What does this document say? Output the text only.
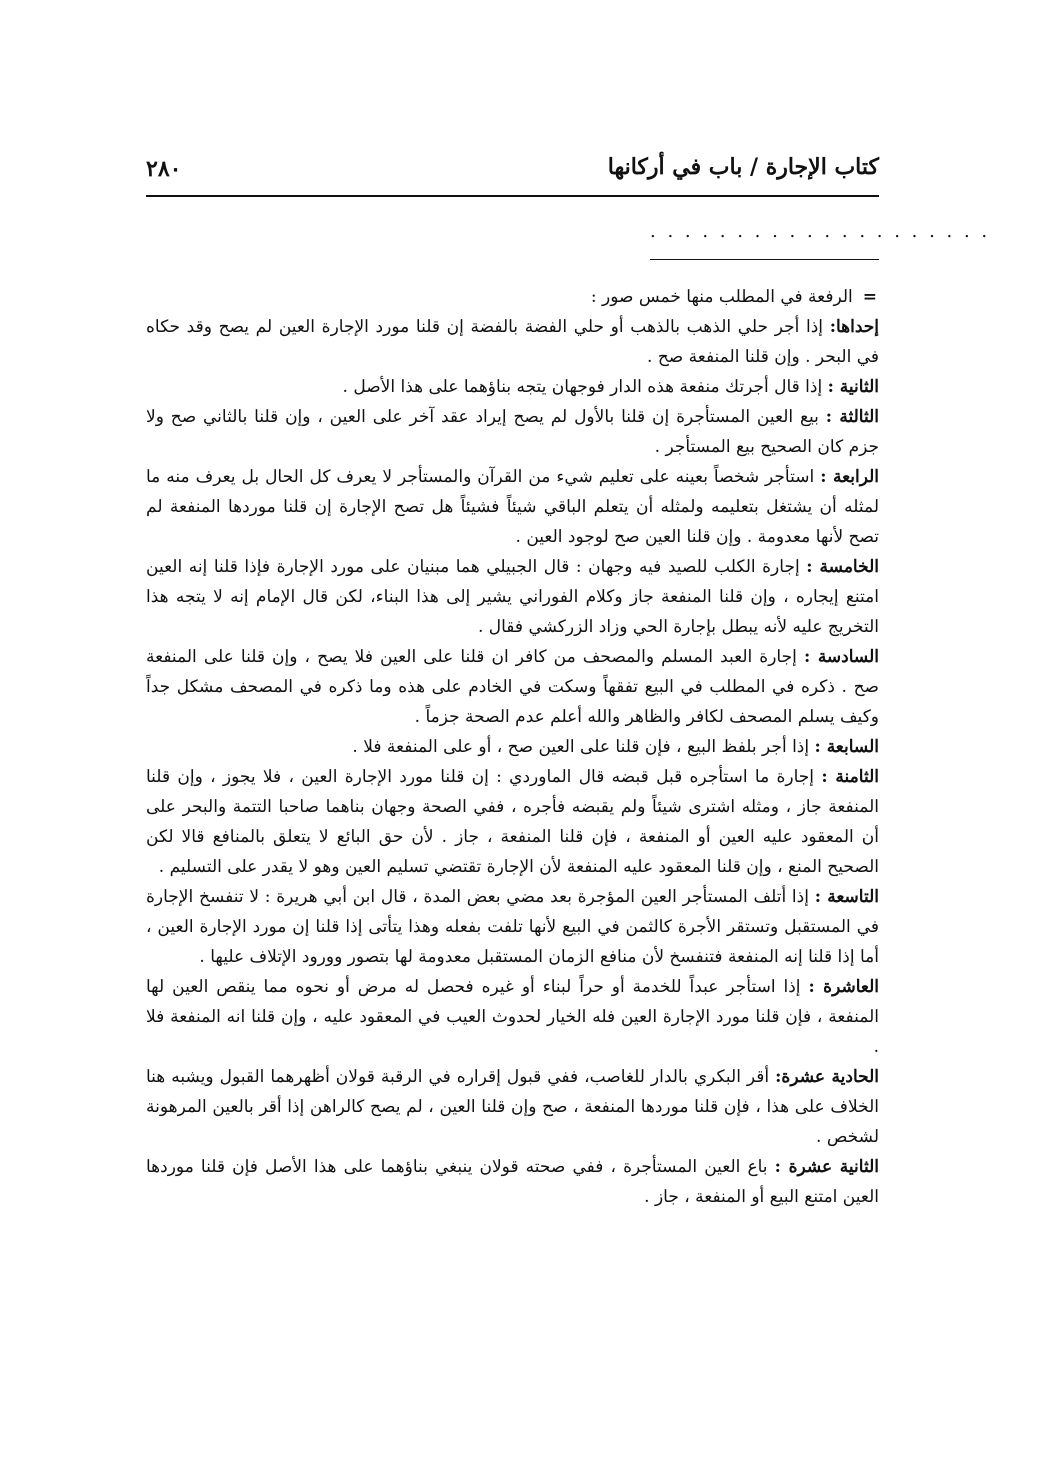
٢٨٠	كتاب الإجارة / باب في أركانها
. . . . . . . . . . . . . . . . . . . .

=الرفعة في المطلب منها خمس صور :

إحداها: إذا أجر حلي الذهب بالذهب أو حلي الفضة بالفضة إن قلنا مورد الإجارة العين لم يصح وقد حكاه في البحر . وإن قلنا المنفعة صح .

الثانية : إذا قال أجرتك منفعة هذه الدار فوجهان يتجه بناؤهما على هذا الأصل .

الثالثة : بيع العين المستأجرة إن قلنا بالأول لم يصح إيراد عقد آخر على العين ، وإن قلنا بالثاني صح ولا جزم كان الصحيح بيع المستأجر .

الرابعة : استأجر شخصاً بعينه على تعليم شيء من القرآن والمستأجر لا يعرف كل الحال بل يعرف منه ما لمثله أن يشتغل بتعليمه ولمثله أن يتعلم الباقي شيئاً فشيئاً هل تصح الإجارة إن قلنا موردها المنفعة لم تصح لأنها معدومة . وإن قلنا العين صح لوجود العين .

الخامسة : إجارة الكلب للصيد فيه وجهان : قال الجبيلي هما مبنيان على مورد الإجارة فإذا قلنا إنه العين امتنع إيجاره ، وإن قلنا المنفعة جاز وكلام الفوراني يشير إلى هذا البناء، لكن قال الإمام إنه لا يتجه هذا التخريج عليه لأنه يبطل بإجارة الحي وزاد الزركشي فقال .

السادسة : إجارة العبد المسلم والمصحف من كافر ان قلنا على العين فلا يصح ، وإن قلنا على المنفعة صح . ذكره في المطلب في البيع تفقهاً وسكت في الخادم على هذه وما ذكره في المصحف مشكل جداً وكيف يسلم المصحف لكافر والظاهر والله أعلم عدم الصحة جزماً .

السابعة : إذا أجر بلفظ البيع ، فإن قلنا على العين صح ، أو على المنفعة فلا .

الثامنة : إجارة ما استأجره قبل قبضه قال الماوردي : إن قلنا مورد الإجارة العين ، فلا يجوز ، وإن قلنا المنفعة جاز ، ومثله اشترى شيئاً ولم يقبضه فأجره ، ففي الصحة وجهان بناهما صاحبا التتمة والبحر على أن المعقود عليه العين أو المنفعة ، فإن قلنا المنفعة ، جاز . لأن حق البائع لا يتعلق بالمنافع قالا لكن الصحيح المنع ، وإن قلنا المعقود عليه المنفعة لأن الإجارة تقتضي تسليم العين وهو لا يقدر على التسليم .

التاسعة : إذا أتلف المستأجر العين المؤجرة بعد مضي بعض المدة ، قال ابن أبي هريرة : لا تنفسخ الإجارة في المستقبل وتستقر الأجرة كالثمن في البيع لأنها تلفت بفعله وهذا يتأتى إذا قلنا إن مورد الإجارة العين ، أما إذا قلنا إنه المنفعة فتنفسخ لأن منافع الزمان المستقبل معدومة لها بتصور وورود الإتلاف عليها .

العاشرة : إذا استأجر عبداً للخدمة أو حراً لبناء أو غيره فحصل له مرض أو نحوه مما ينقص العين لها المنفعة ، فإن قلنا مورد الإجارة العين فله الخيار لحدوث العيب في المعقود عليه ، وإن قلنا انه المنفعة فلا .

الحادية عشرة: أقر البكري بالدار للغاصب، ففي قبول إقراره في الرقبة قولان أظهرهما القبول ويشبه هنا الخلاف على هذا ، فإن قلنا موردها المنفعة ، صح وإن قلنا العين ، لم يصح كالراهن إذا أقر بالعين المرهونة لشخص .

الثانية عشرة : باع العين المستأجرة ، ففي صحته قولان ينبغي بناؤهما على هذا الأصل فإن قلنا موردها العين امتنع البيع أو المنفعة ، جاز .
